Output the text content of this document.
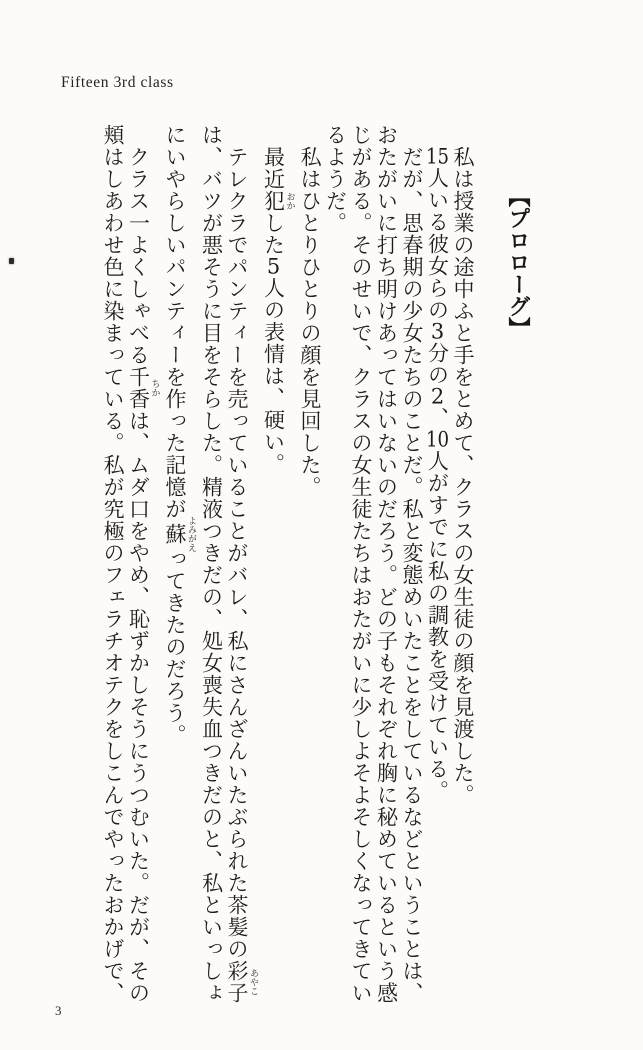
Fifteen 3rd class

【プロローグ】

私は授業の途中ふと手をとめて、クラスの女生徒の顔を見渡した。

15人いる彼女らの3分の2、10人がすでに私の調教を受けている。

だが、思春期の少女たちのことだ。私と変態めいたことをしているなどということは、

おたがいに打ち明けあってはいないのだろう。どの子もそれぞれ胸に秘めているという感

じがある。そのせいで、クラスの女生徒たちはおたがいに少しよそよそしくなってきてい

るようだ。

私はひとりひとりの顔を見回した。

最近犯 おかした5人の表情は、硬い。

テレクラでパンティーを売っていることがバレ、私にさんざんいたぶられた茶髪の彩子 あやこ

は、バツが悪そうに目をそらした。精液つきだの、処女喪失血つきだのと、私といっしょ

にいやらしいパンティーを作った記憶が蘇 よみがえってきたのだろう。

クラス一よくしゃべる千香 ちかは、ムダ口をやめ、恥ずかしそうにうつむいた。だが、その

頬はしあわせ色に染まっている。私が究極のフェラチオテクをしこんでやったおかげで、

3
